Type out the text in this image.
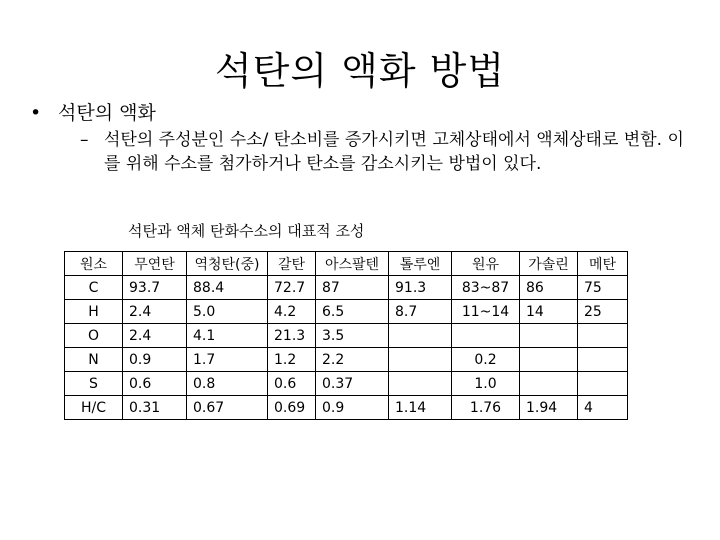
석탄의 액화 방법
• 석탄의 액화
– 석탄의 주성분인 수소/ 탄소비를 증가시키면 고체상태에서 액체상태로 변함. 이를 위해 수소를 첨가하거나 탄소를 감소시키는 방법이 있다.
석탄과 액체 탄화수소의 대표적 조성
원소	무연탄	역청탄(중)	갈탄	아스팔텐	톨루엔	원유	가솔린	메탄
C	93.7	88.4	72.7	87	91.3	83~87	86	75
H	2.4	5.0	4.2	6.5	8.7	11~14	14	25
O	2.4	4.1	21.3	3.5				
N	0.9	1.7	1.2	2.2		0.2		
S	0.6	0.8	0.6	0.37		1.0		
H/C	0.31	0.67	0.69	0.9	1.14	1.76	1.94	4
